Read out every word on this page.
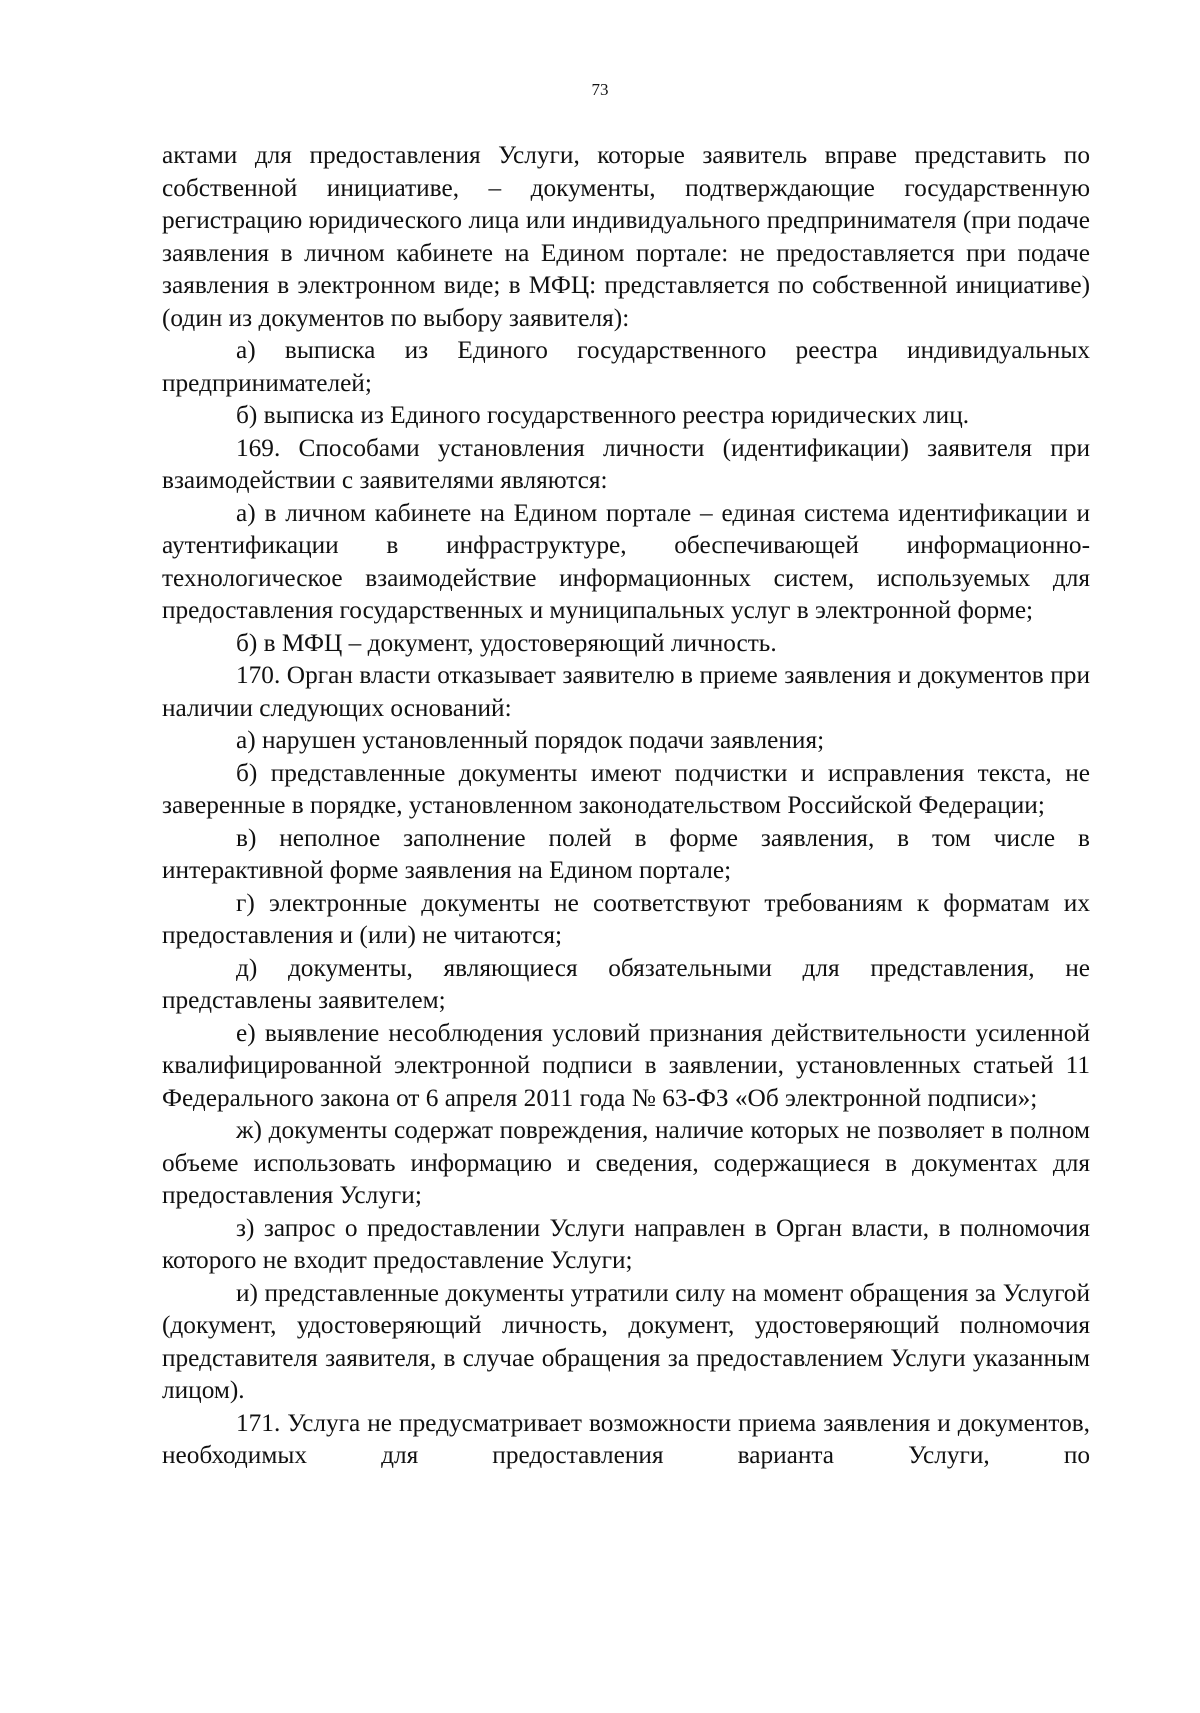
73

актами для предоставления Услуги, которые заявитель вправе представить по собственной инициативе, – документы, подтверждающие государственную регистрацию юридического лица или индивидуального предпринимателя (при подаче заявления в личном кабинете на Едином портале: не предоставляется при подаче заявления в электронном виде; в МФЦ: представляется по собственной инициативе) (один из документов по выбору заявителя):

а) выписка из Единого государственного реестра индивидуальных предпринимателей;

б) выписка из Единого государственного реестра юридических лиц.

169. Способами установления личности (идентификации) заявителя при взаимодействии с заявителями являются:

а) в личном кабинете на Едином портале – единая система идентификации и аутентификации в инфраструктуре, обеспечивающей информационно-технологическое взаимодействие информационных систем, используемых для предоставления государственных и муниципальных услуг в электронной форме;

б) в МФЦ – документ, удостоверяющий личность.

170. Орган власти отказывает заявителю в приеме заявления и документов при наличии следующих оснований:

а) нарушен установленный порядок подачи заявления;

б) представленные документы имеют подчистки и исправления текста, не заверенные в порядке, установленном законодательством Российской Федерации;

в) неполное заполнение полей в форме заявления, в том числе в интерактивной форме заявления на Едином портале;

г) электронные документы не соответствуют требованиям к форматам их предоставления и (или) не читаются;

д) документы, являющиеся обязательными для представления, не представлены заявителем;

е) выявление несоблюдения условий признания действительности усиленной квалифицированной электронной подписи в заявлении, установленных статьей 11 Федерального закона от 6 апреля 2011 года № 63-ФЗ «Об электронной подписи»;

ж) документы содержат повреждения, наличие которых не позволяет в полном объеме использовать информацию и сведения, содержащиеся в документах для предоставления Услуги;

з) запрос о предоставлении Услуги направлен в Орган власти, в полномочия которого не входит предоставление Услуги;

и) представленные документы утратили силу на момент обращения за Услугой (документ, удостоверяющий личность, документ, удостоверяющий полномочия представителя заявителя, в случае обращения за предоставлением Услуги указанным лицом).

171. Услуга не предусматривает возможности приема заявления и документов, необходимых для предоставления варианта Услуги, по
